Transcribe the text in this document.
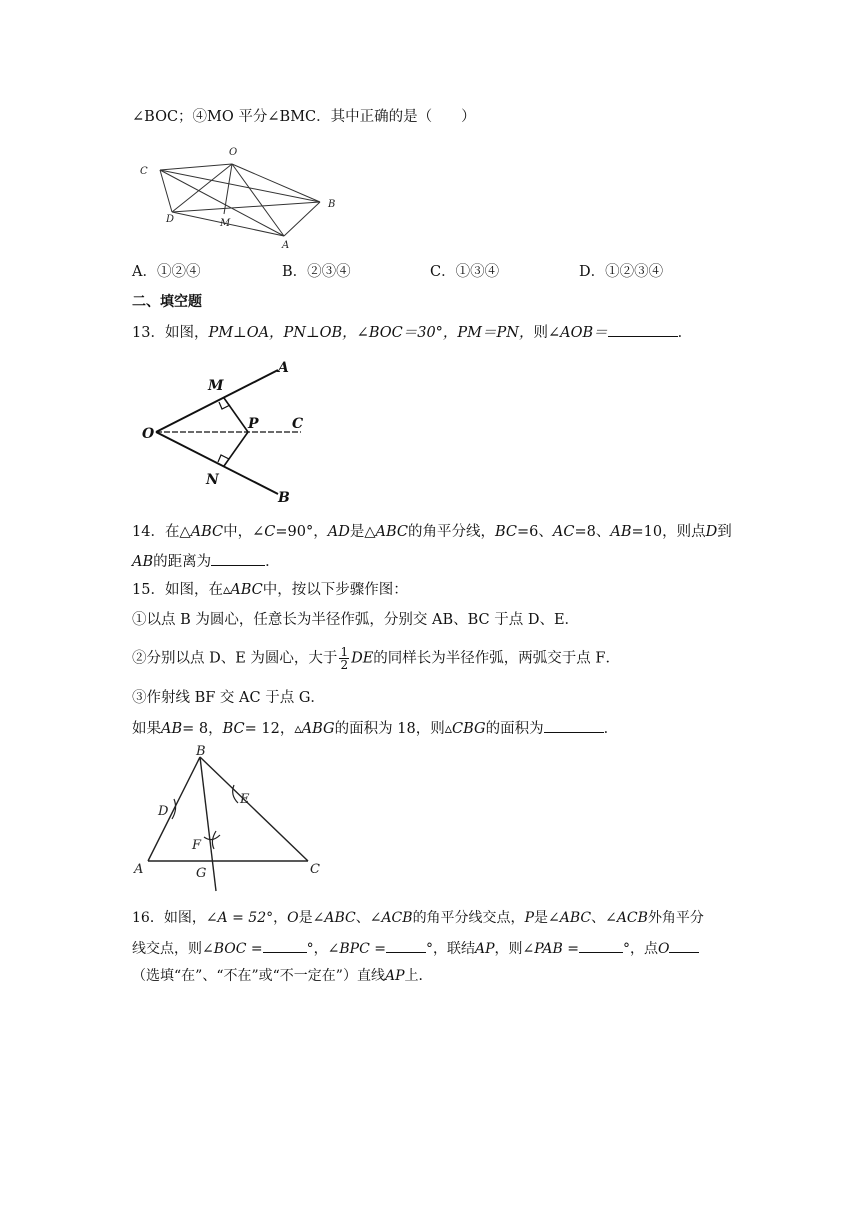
∠BOC；④MO 平分∠BMC．其中正确的是（　　）
O
C
D	M
B
A
A．①②④	B．②③④	C．①③④	D．①②③④
二、填空题
13．如图，PM⊥OA，PN⊥OB，∠BOC＝30°，PM＝PN，则∠AOB＝	．
M
A
O
P C
N
B
14．在△ABC中，∠C=90°，AD是△ABC的角平分线，BC=6、AC=8、AB=10，则点D到
AB的距离为	．
15．如图，在▵ABC中，按以下步骤作图：
①以点 B 为圆心，任意长为半径作弧，分别交 AB、BC 于点 D、E．
②分别以点 D、E 为圆心，大于 $\frac{1}{2}$ DE的同样长为半径作弧，两弧交于点 F．
③作射线 BF 交 AC 于点 G．
如果AB= 8，BC= 12，▵ABG的面积为 18，则▵CBG的面积为	．
B
D
E
F
A	G	C
16．如图，∠A = 52°，O是∠ABC、∠ACB的角平分线交点，P是∠ABC、∠ACB外角平分
线交点，则∠BOC =	°，∠BPC =	°，联结AP，则∠PAB =	°，点O
（选填“在”、“不在”或“不一定在”）直线AP上．
